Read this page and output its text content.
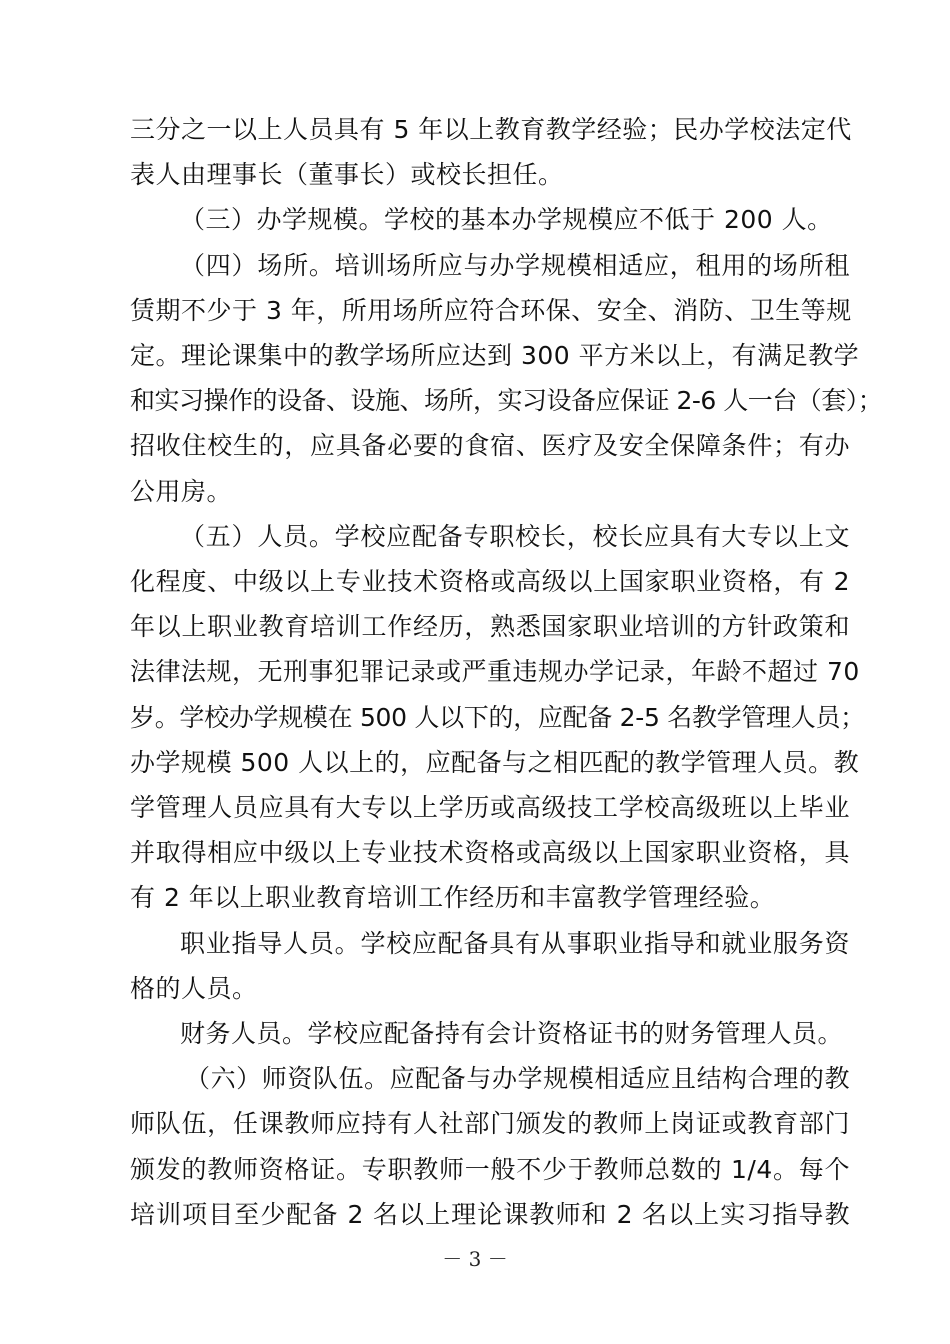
三分之一以上人员具有 5 年以上教育教学经验；民办学校法定代
表人由理事长（董事长）或校长担任。
（三）办学规模。学校的基本办学规模应不低于 200 人。
（四）场所。培训场所应与办学规模相适应，租用的场所租
赁期不少于 3 年，所用场所应符合环保、安全、消防、卫生等规
定。理论课集中的教学场所应达到 300 平方米以上，有满足教学
和实习操作的设备、设施、场所，实习设备应保证 2-6 人一台（套）；
招收住校生的，应具备必要的食宿、医疗及安全保障条件；有办
公用房。
（五）人员。学校应配备专职校长，校长应具有大专以上文
化程度、中级以上专业技术资格或高级以上国家职业资格，有 2
年以上职业教育培训工作经历，熟悉国家职业培训的方针政策和
法律法规，无刑事犯罪记录或严重违规办学记录，年龄不超过 70
岁。学校办学规模在 500 人以下的，应配备 2-5 名教学管理人员；
办学规模 500 人以上的，应配备与之相匹配的教学管理人员。教
学管理人员应具有大专以上学历或高级技工学校高级班以上毕业
并取得相应中级以上专业技术资格或高级以上国家职业资格，具
有 2 年以上职业教育培训工作经历和丰富教学管理经验。
职业指导人员。学校应配备具有从事职业指导和就业服务资
格的人员。
财务人员。学校应配备持有会计资格证书的财务管理人员。
（六）师资队伍。应配备与办学规模相适应且结构合理的教
师队伍，任课教师应持有人社部门颁发的教师上岗证或教育部门
颁发的教师资格证。专职教师一般不少于教师总数的 1/4。每个
培训项目至少配备 2 名以上理论课教师和 2 名以上实习指导教
－ 3 －
